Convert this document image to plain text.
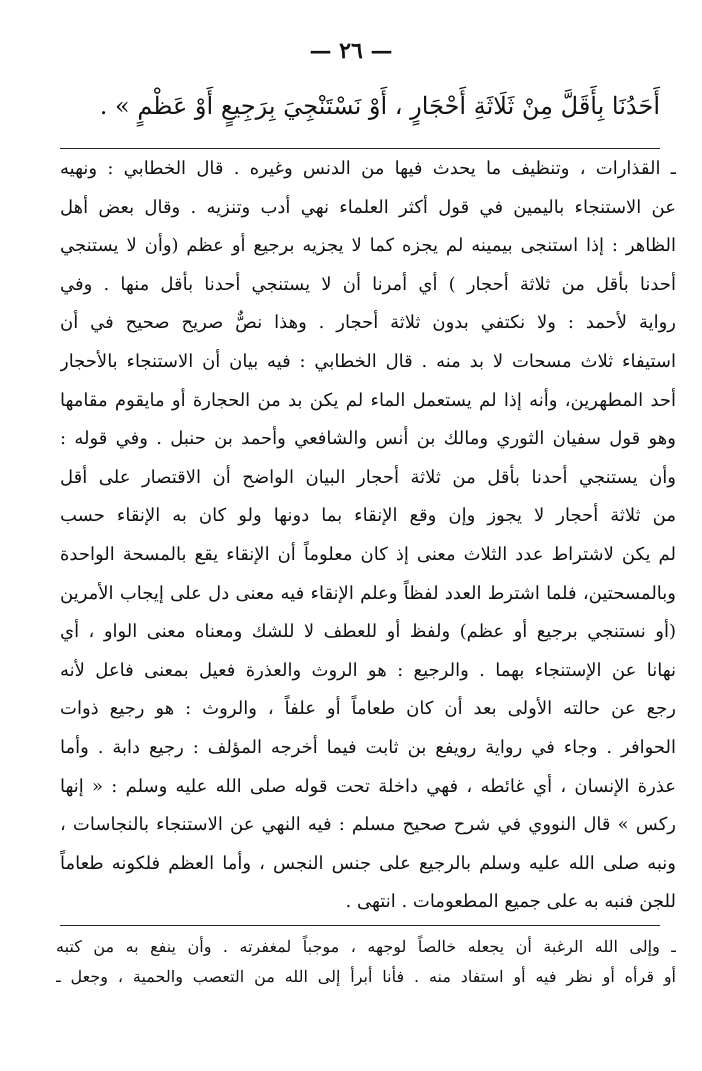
— ٢٦ —
أَحَدُنَا بِأَقَلَّ مِنْ ثَلَاثَةِ أَحْجَارٍ ، أَوْ نَسْتَنْجِيَ بِرَجِيعٍ أَوْ عَظْمٍ » .
ـ القذارات ، وتنظيف ما يحدث فيها من الدنس وغيره . قال الخطابي : ونهيه
عن الاستنجاء باليمين في قول أكثر العلماء نهي أدب وتنزيه . وقال بعض أهل
الظاهر : إذا استنجى بيمينه لم يجزه كما لا يجزيه برجيع أو عظم (وأن لا يستنجي
أحدنا بأقل من ثلاثة أحجار ) أي أمرنا أن لا يستنجي أحدنا بأقل منها . وفي
رواية لأحمد : ولا نكتفي بدون ثلاثة أحجار . وهذا نصٌّ صريح صحيح في أن
استيفاء ثلاث مسحات لا بد منه . قال الخطابي : فيه بيان أن الاستنجاء بالأحجار
أحد المطهرين، وأنه إذا لم يستعمل الماء لم يكن بد من الحجارة أو مايقوم مقامها
وهو قول سفيان الثوري ومالك بن أنس والشافعي وأحمد بن حنبل . وفي قوله :
وأن يستنجي أحدنا بأقل من ثلاثة أحجار البيان الواضح أن الاقتصار على أقل
من ثلاثة أحجار لا يجوز وإن وقع الإنقاء بما دونها ولو كان به الإنقاء حسب
لم يكن لاشتراط عدد الثلاث معنى إذ كان معلوماً أن الإنقاء يقع بالمسحة الواحدة
وبالمسحتين، فلما اشترط العدد لفظاً وعلم الإنقاء فيه معنى دل على إيجاب الأمرين
(أو نستنجي برجيع أو عظم) ولفظ أو للعطف لا للشك ومعناه معنى الواو ، أي
نهانا عن الإستنجاء بهما . والرجيع : هو الروث والعذرة فعيل بمعنى فاعل لأنه
رجع عن حالته الأولى بعد أن كان طعاماً أو علفاً ، والروث : هو رجيع ذوات
الحوافر . وجاء في رواية رويفع بن ثابت فيما أخرجه المؤلف : رجيع دابة . وأما
عذرة الإنسان ، أي غائطه ، فهي داخلة تحت قوله صلى الله عليه وسلم : « إنها
ركس » قال النووي في شرح صحيح مسلم : فيه النهي عن الاستنجاء بالنجاسات ،
ونبه صلى الله عليه وسلم بالرجيع على جنس النجس ، وأما العظم فلكونه طعاماً
للجن فنبه به على جميع المطعومات . انتهى .
ـ وإلى الله الرغبة أن يجعله خالصاً لوجهه ، موجباً لمغفرته . وأن ينفع به من كتبه
أو قرأه أو نظر فيه أو استفاد منه . فأنا أبرأ إلى الله من التعصب والحمية ، وجعل ـ
